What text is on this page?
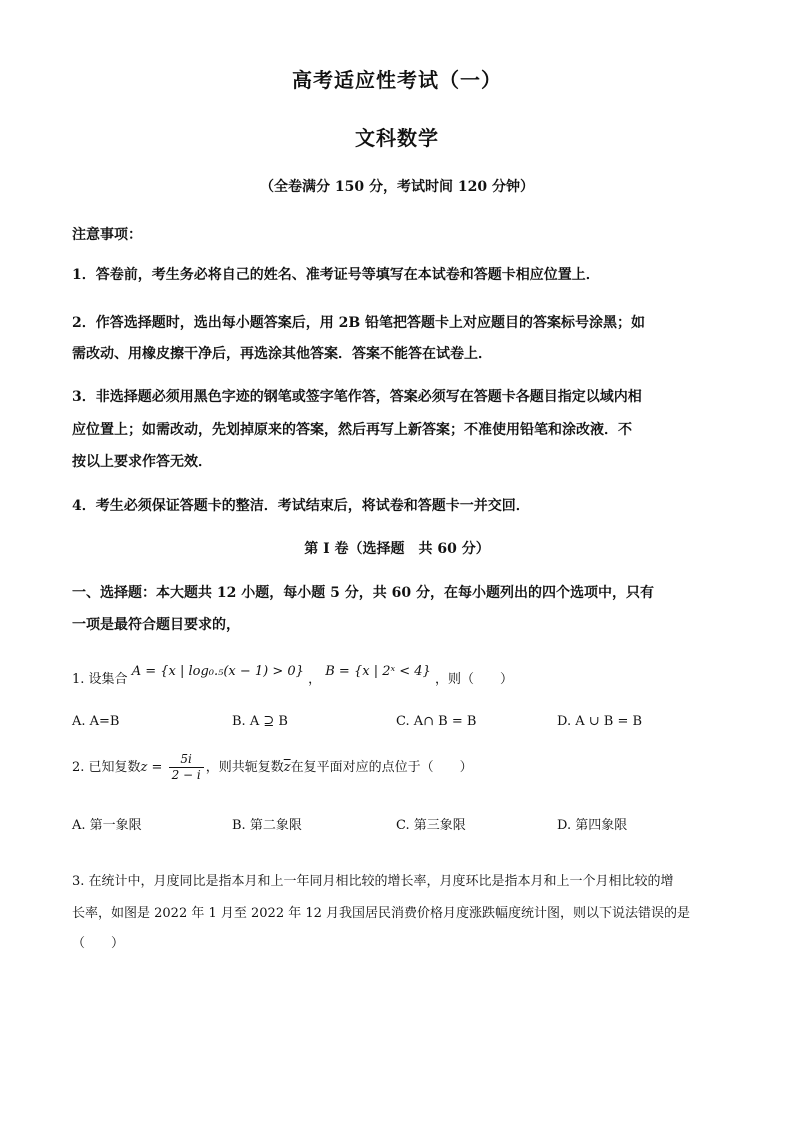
高考适应性考试（一）
文科数学
（全卷满分 150 分，考试时间 120 分钟）
注意事项：
1．答卷前，考生务必将自己的姓名、准考证号等填写在本试卷和答题卡相应位置上．
2．作答选择题时，选出每小题答案后，用 2B 铅笔把答题卡上对应题目的答案标号涂黑；如
需改动、用橡皮擦干净后，再选涂其他答案．答案不能答在试卷上．
3．非选择题必须用黑色字迹的钢笔或签字笔作答，答案必须写在答题卡各题目指定以域内相
应位置上；如需改动，先划掉原来的答案，然后再写上新答案；不准使用铅笔和涂改液．不
按以上要求作答无效．
4．考生必须保证答题卡的整洁．考试结束后，将试卷和答题卡一并交回．
第 I 卷（选择题　共 60 分）
一、选择题：本大题共 12 小题，每小题 5 分，共 60 分，在每小题列出的四个选项中，只有
一项是最符合题目要求的，
1. 设集合 A = {x | log₀.₅(x − 1) > 0} ， B = {x | 2ˣ < 4} ，则（　　）
A. A=B	B. A ⊇ B	C. A∩ B = B	D. A ∪ B = B
2. 已知复数$z = \frac{5i}{2 - i}$ ，则共轭复数$\overline{z}$在复平面对应的点位于（　　）
A. 第一象限	B. 第二象限	C. 第三象限	D. 第四象限
3. 在统计中，月度同比是指本月和上一年同月相比较的增长率，月度环比是指本月和上一个月相比较的增
长率，如图是 2022 年 1 月至 2022 年 12 月我国居民消费价格月度涨跌幅度统计图，则以下说法错误的是
（　　）
